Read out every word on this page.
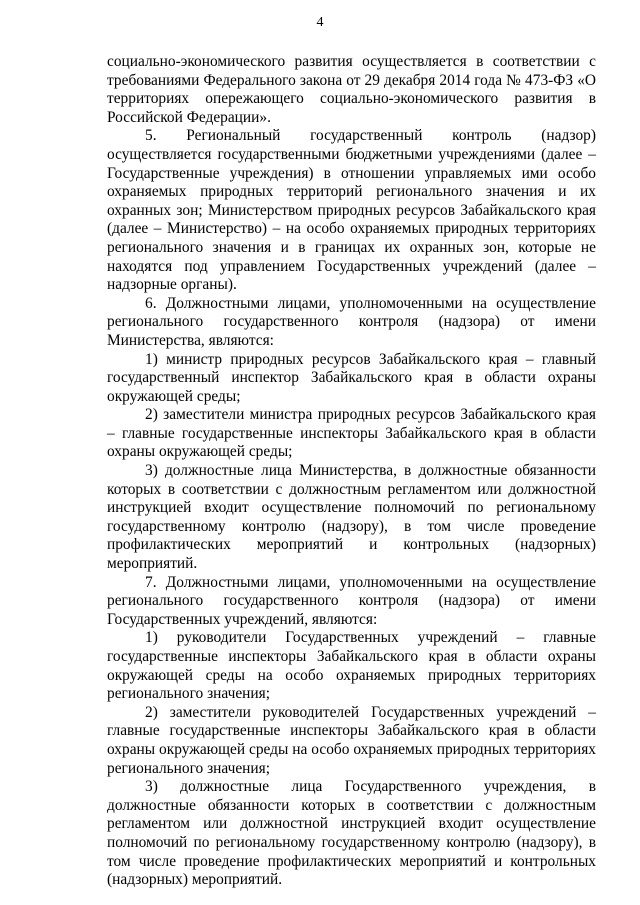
4

социально-экономического развития осуществляется в соответствии с требованиями Федерального закона от 29 декабря 2014 года № 473-ФЗ «О территориях опережающего социально-экономического развития в Российской Федерации».

5. Региональный государственный контроль (надзор) осуществляется государственными бюджетными учреждениями (далее – Государственные учреждения) в отношении управляемых ими особо охраняемых природных территорий регионального значения и их охранных зон; Министерством природных ресурсов Забайкальского края (далее – Министерство) – на особо охраняемых природных территориях регионального значения и в границах их охранных зон, которые не находятся под управлением Государственных учреждений (далее – надзорные органы).

6. Должностными лицами, уполномоченными на осуществление регионального государственного контроля (надзора) от имени Министерства, являются:

1) министр природных ресурсов Забайкальского края – главный государственный инспектор Забайкальского края в области охраны окружающей среды;

2) заместители министра природных ресурсов Забайкальского края – главные государственные инспекторы Забайкальского края в области охраны окружающей среды;

3) должностные лица Министерства, в должностные обязанности которых в соответствии с должностным регламентом или должностной инструкцией входит осуществление полномочий по региональному государственному контролю (надзору), в том числе проведение профилактических мероприятий и контрольных (надзорных) мероприятий.

7. Должностными лицами, уполномоченными на осуществление регионального государственного контроля (надзора) от имени Государственных учреждений, являются:

1) руководители Государственных учреждений – главные государственные инспекторы Забайкальского края в области охраны окружающей среды на особо охраняемых природных территориях регионального значения;

2) заместители руководителей Государственных учреждений – главные государственные инспекторы Забайкальского края в области охраны окружающей среды на особо охраняемых природных территориях регионального значения;

3) должностные лица Государственного учреждения, в должностные обязанности которых в соответствии с должностным регламентом или должностной инструкцией входит осуществление полномочий по региональному государственному контролю (надзору), в том числе проведение профилактических мероприятий и контрольных (надзорных) мероприятий.
